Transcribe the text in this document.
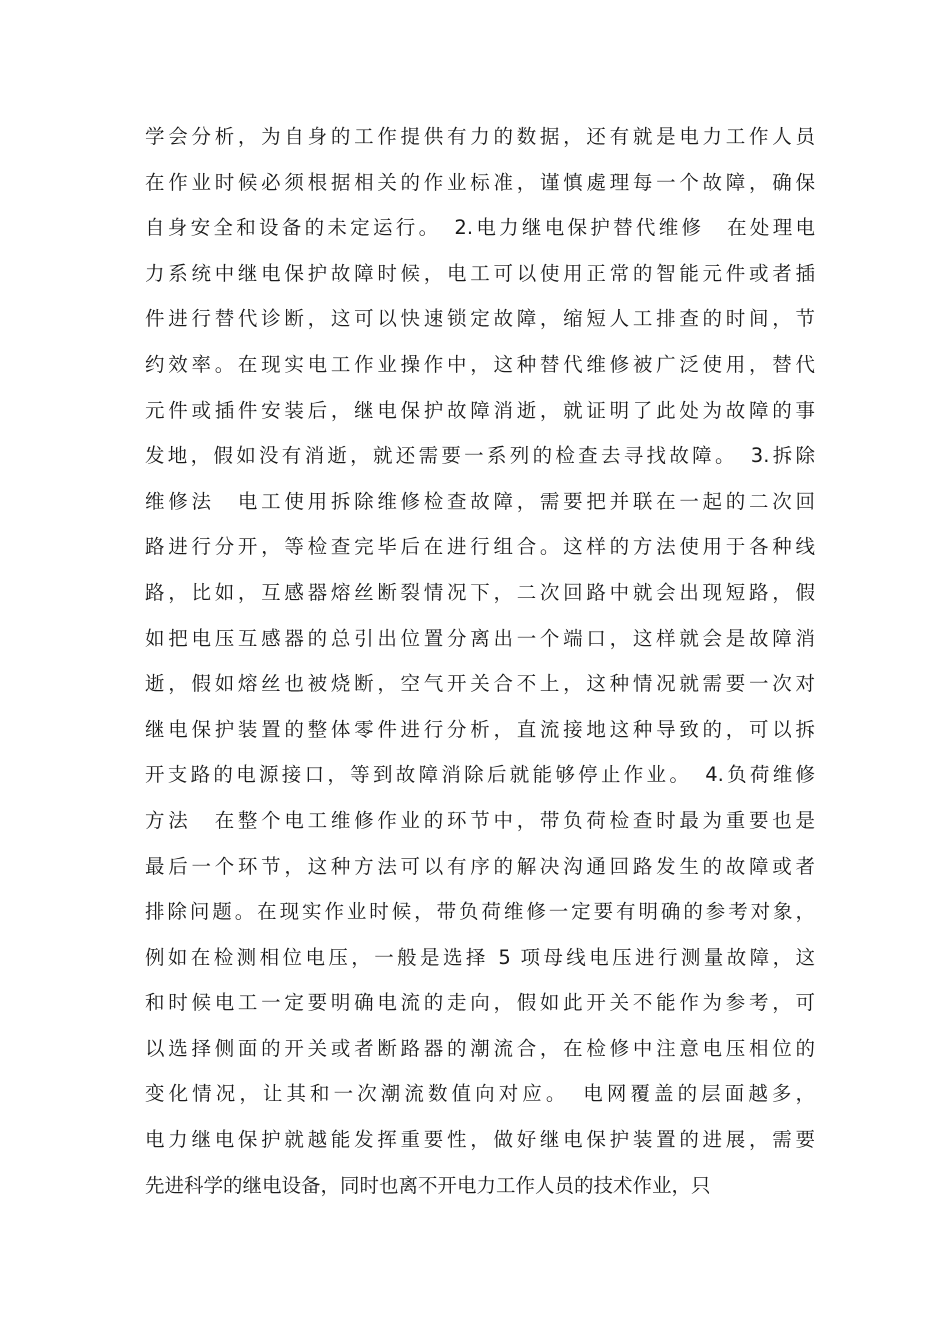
学会分析，为自身的工作提供有力的数据，还有就是电力工作人员
在作业时候必须根据相关的作业标准，谨慎處理每一个故障，确保
自身安全和设备的未定运行。　2.电力继电保护替代维修　在处理电
力系统中继电保护故障时候，电工可以使用正常的智能元件或者插
件进行替代诊断，这可以快速锁定故障，缩短人工排查的时间，节
约效率。在现实电工作业操作中，这种替代维修被广泛使用，替代
元件或插件安装后，继电保护故障消逝，就证明了此处为故障的事
发地，假如没有消逝，就还需要一系列的检查去寻找故障。　3.拆除
维修法　电工使用拆除维修检查故障，需要把并联在一起的二次回
路进行分开，等检查完毕后在进行组合。这样的方法使用于各种线
路，比如，互感器熔丝断裂情况下，二次回路中就会出现短路，假
如把电压互感器的总引出位置分离出一个端口，这样就会是故障消
逝，假如熔丝也被烧断，空气开关合不上，这种情况就需要一次对
继电保护装置的整体零件进行分析，直流接地这种导致的，可以拆
开支路的电源接口，等到故障消除后就能够停止作业。　4.负荷维修
方法　在整个电工维修作业的环节中，带负荷检查时最为重要也是
最后一个环节，这种方法可以有序的解决沟通回路发生的故障或者
排除问题。在现实作业时候，带负荷维修一定要有明确的参考对象，
例如在检测相位电压，一般是选择 5 项母线电压进行测量故障，这
和时候电工一定要明确电流的走向，假如此开关不能作为参考，可
以选择侧面的开关或者断路器的潮流合，在检修中注意电压相位的
变化情况，让其和一次潮流数值向对应。　电网覆盖的层面越多，
电力继电保护就越能发挥重要性，做好继电保护装置的进展，需要
先进科学的继电设备，同时也离不开电力工作人员的技术作业，只
